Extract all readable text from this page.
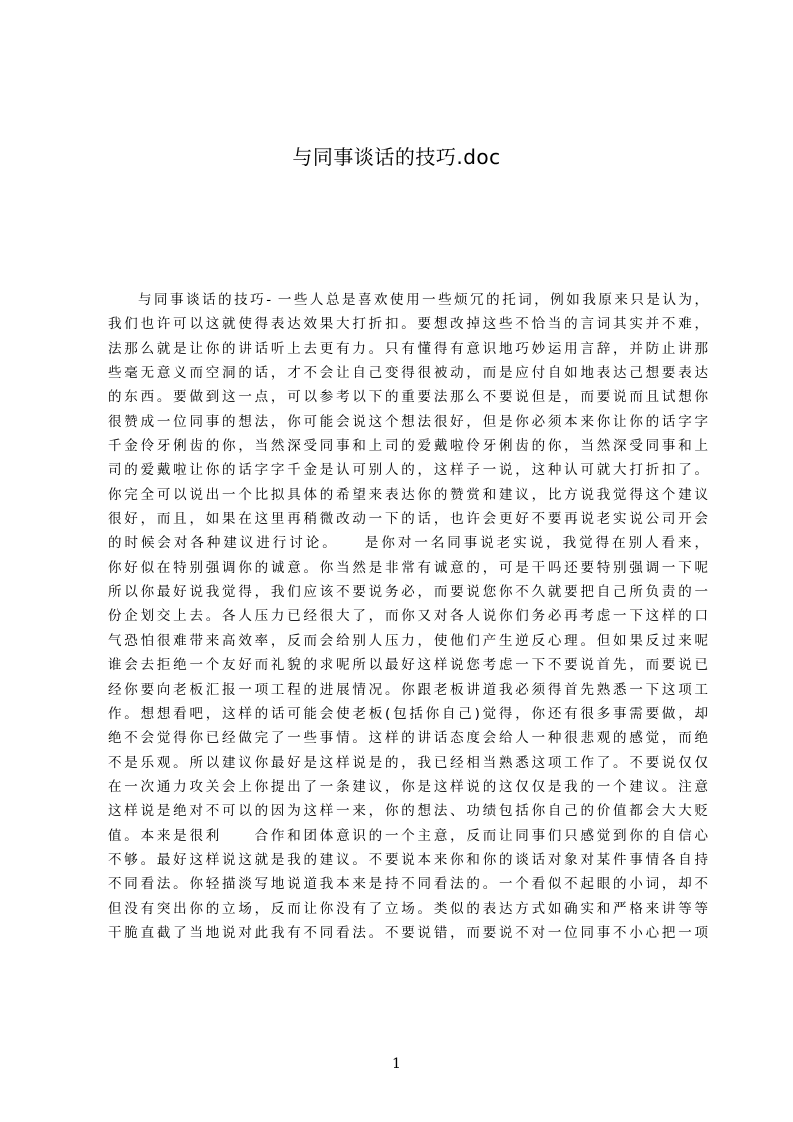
与同事谈话的技巧.doc
与同事谈话的技巧- 一些人总是喜欢使用一些烦冗的托词，例如我原来只是认为，
我们也许可以这就使得表达效果大打折扣。要想改掉这些不恰当的言词其实并不难，
法那么就是让你的讲话听上去更有力。只有懂得有意识地巧妙运用言辞，并防止讲那
些毫无意义而空洞的话，才不会让自己变得很被动，而是应付自如地表达己想要表达
的东西。要做到这一点，可以参考以下的重要法那么不要说但是，而要说而且试想你
很赞成一位同事的想法，你可能会说这个想法很好，但是你必须本来你让你的话字字
千金伶牙俐齿的你，当然深受同事和上司的爱戴啦伶牙俐齿的你，当然深受同事和上
司的爱戴啦让你的话字字千金是认可别人的，这样子一说，这种认可就大打折扣了。
你完全可以说出一个比拟具体的希望来表达你的赞赏和建议，比方说我觉得这个建议
很好，而且，如果在这里再稍微改动一下的话，也许会更好不要再说老实说公司开会
的时候会对各种建议进行讨论。　　是你对一名同事说老实说，我觉得在别人看来，
你好似在特别强调你的诚意。你当然是非常有诚意的，可是干吗还要特别强调一下呢
所以你最好说我觉得，我们应该不要说务必，而要说您你不久就要把自己所负责的一
份企划交上去。各人压力已经很大了，而你又对各人说你们务必再考虑一下这样的口
气恐怕很难带来高效率，反而会给别人压力，使他们产生逆反心理。但如果反过来呢
谁会去拒绝一个友好而礼貌的求呢所以最好这样说您考虑一下不要说首先，而要说已
经你要向老板汇报一项工程的进展情况。你跟老板讲道我必须得首先熟悉一下这项工
作。想想看吧，这样的话可能会使老板(包括你自己)觉得，你还有很多事需要做，却
绝不会觉得你已经做完了一些事情。这样的讲话态度会给人一种很悲观的感觉，而绝
不是乐观。所以建议你最好是这样说是的，我已经相当熟悉这项工作了。不要说仅仅
在一次通力攻关会上你提出了一条建议，你是这样说的这仅仅是我的一个建议。注意
这样说是绝对不可以的因为这样一来，你的想法、功绩包括你自己的价值都会大大贬
值。本来是很利　　合作和团体意识的一个主意，反而让同事们只感觉到你的自信心
不够。最好这样说这就是我的建议。不要说本来你和你的谈话对象对某件事情各自持
不同看法。你轻描淡写地说道我本来是持不同看法的。一个看似不起眼的小词，却不
但没有突出你的立场，反而让你没有了立场。类似的表达方式如确实和严格来讲等等
干脆直截了当地说对此我有不同看法。不要说错，而要说不对一位同事不小心把一项
1
